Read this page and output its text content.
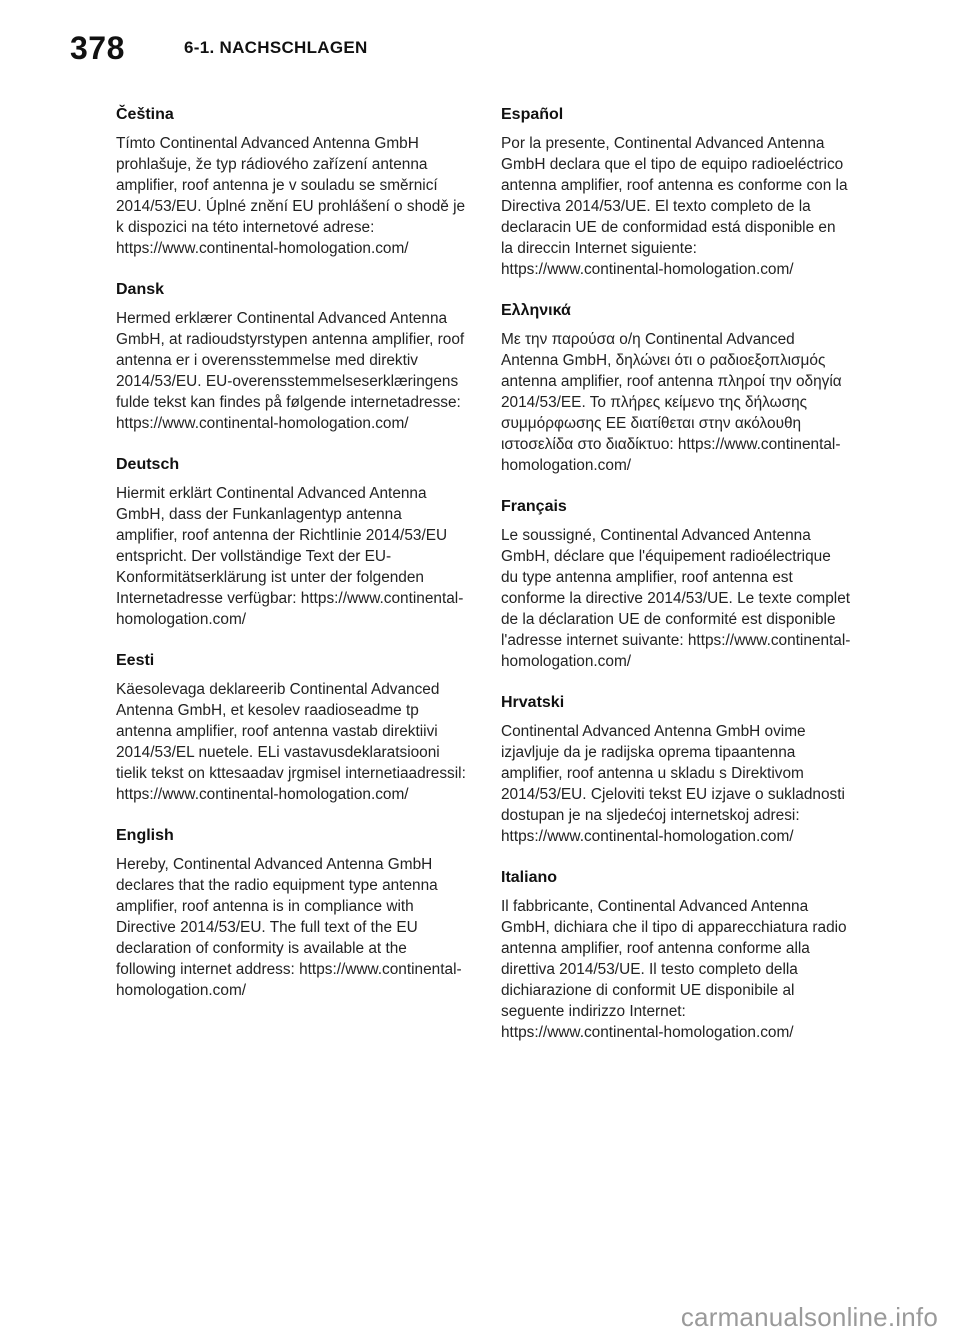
378	6-1. NACHSCHLAGEN

Čeština

Tímto Continental Advanced Antenna GmbH prohlašuje, že typ rádiového zařízení antenna amplifier, roof antenna je v souladu se směrnicí 2014/53/EU. Úplné znění EU prohlášení o shodě je k dispozici na této internetové adrese: https://www.continental-homologation.com/

Dansk

Hermed erklærer Continental Advanced Antenna GmbH, at radioudstyrstypen antenna amplifier, roof antenna er i overensstemmelse med direktiv 2014/53/EU. EU-overensstemmelseserklæringens fulde tekst kan findes på følgende internetadresse: https://www.continental-homologation.com/

Deutsch

Hiermit erklärt Continental Advanced Antenna GmbH, dass der Funkanlagentyp antenna amplifier, roof antenna der Richtlinie 2014/53/EU entspricht. Der vollständige Text der EU-Konformitätserklärung ist unter der folgenden Internetadresse verfügbar: https://www.continental-homologation.com/

Eesti

Käesolevaga deklareerib Continental Advanced Antenna GmbH, et kesolev raadioseadme tp antenna amplifier, roof antenna vastab direktiivi 2014/53/EL nuetele. ELi vastavusdeklaratsiooni tielik tekst on kttesaadav jrgmisel internetiaadressil: https://www.continental-homologation.com/

English

Hereby, Continental Advanced Antenna GmbH declares that the radio equipment type antenna amplifier, roof antenna is in compliance with Directive 2014/53/EU. The full text of the EU declaration of conformity is available at the following internet address: https://www.continental-homologation.com/

Español

Por la presente, Continental Advanced Antenna GmbH declara que el tipo de equipo radioeléctrico antenna amplifier, roof antenna es conforme con la Directiva 2014/53/UE. El texto completo de la declaracin UE de conformidad está disponible en la direccin Internet siguiente: https://www.continental-homologation.com/

Ελληνικά

Με την παρούσα ο/η Continental Advanced Antenna GmbH, δηλώνει ότι ο ραδιοεξοπλισμός antenna amplifier, roof antenna πληροί την οδηγία 2014/53/ΕΕ. Το πλήρες κείμενο της δήλωσης συμμόρφωσης ΕΕ διατίθεται στην ακόλουθη ιστοσελίδα στο διαδίκτυο: https://www.continental-homologation.com/

Français

Le soussigné, Continental Advanced Antenna GmbH, déclare que l'équipement radioélectrique du type antenna amplifier, roof antenna est conforme la directive 2014/53/UE. Le texte complet de la déclaration UE de conformité est disponible l'adresse internet suivante: https://www.continental-homologation.com/

Hrvatski

Continental Advanced Antenna GmbH ovime izjavljuje da je radijska oprema tipaantenna amplifier, roof antenna u skladu s Direktivom 2014/53/EU. Cjeloviti tekst EU izjave o sukladnosti dostupan je na sljedećoj internetskoj adresi: https://www.continental-homologation.com/

Italiano

Il fabbricante, Continental Advanced Antenna GmbH, dichiara che il tipo di apparecchiatura radio antenna amplifier, roof antenna conforme alla direttiva 2014/53/UE. Il testo completo della dichiarazione di conformit UE disponibile al seguente indirizzo Internet: https://www.continental-homologation.com/

carmanualsonline.info
